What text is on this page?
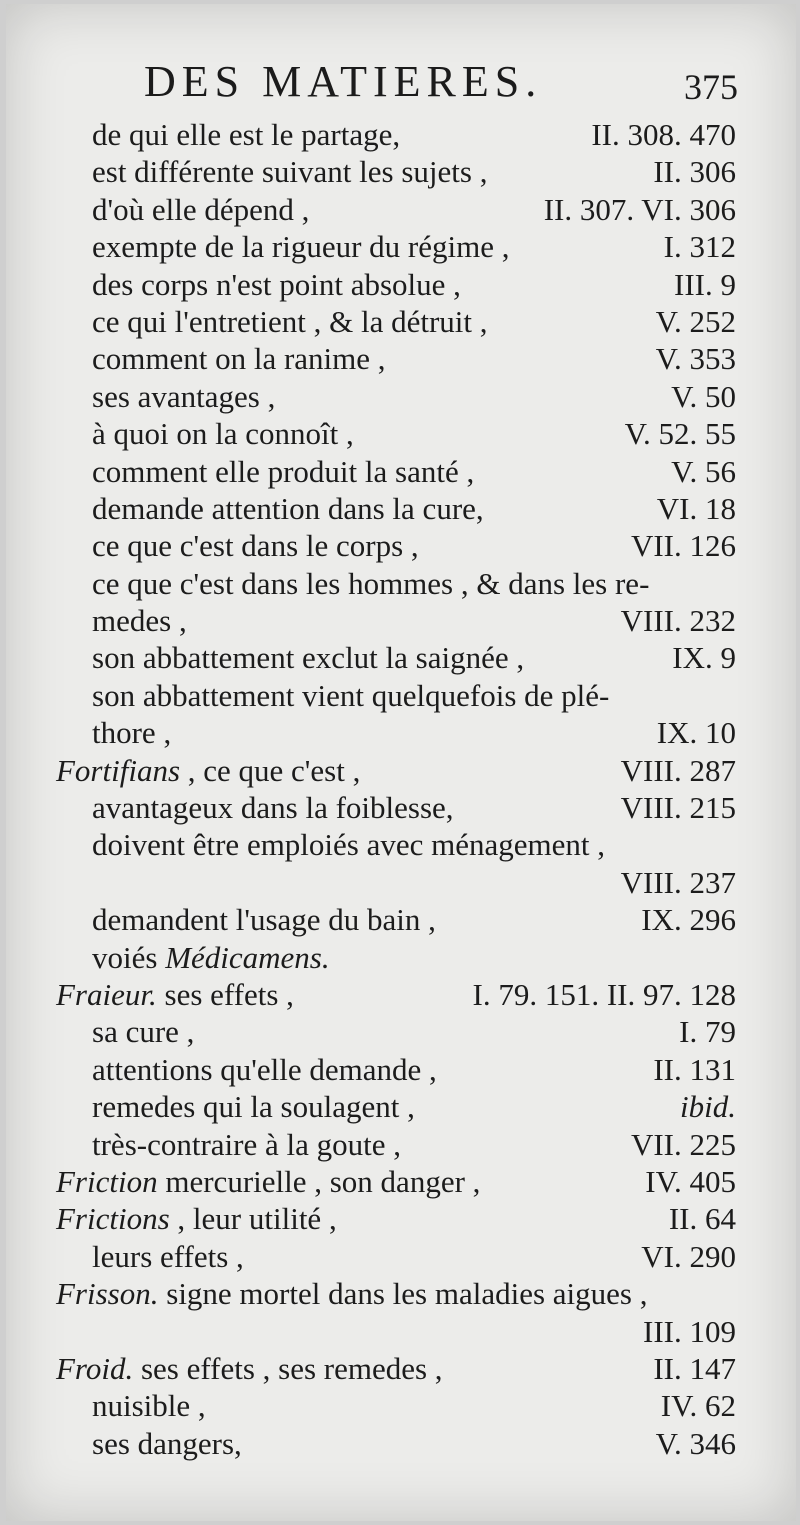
DES MATIERES.	375
de qui elle est le partage,	II. 308. 470
est différente suivant les sujets ,	II. 306
d'où elle dépend ,	II. 307. VI. 306
exempte de la rigueur du régime ,	I. 312
des corps n'est point absolue ,	III. 9
ce qui l'entretient , & la détruit ,	V. 252
comment on la ranime ,	V. 353
ses avantages ,	V. 50
à quoi on la connoît ,	V. 52. 55
comment elle produit la santé ,	V. 56
demande attention dans la cure,	VI. 18
ce que c'est dans le corps ,	VII. 126
ce que c'est dans les hommes , & dans les re-
medes ,	VIII. 232
son abbattement exclut la saignée ,	IX. 9
son abbattement vient quelquefois de plé-
thore ,	IX. 10
Fortifians , ce que c'est ,	VIII. 287
avantageux dans la foiblesse,	VIII. 215
doivent être emploiés avec ménagement ,
VIII. 237
demandent l'usage du bain ,	IX. 296
voiés Médicamens.
Fraieur. ses effets ,	I. 79. 151. II. 97. 128
sa cure ,	I. 79
attentions qu'elle demande ,	II. 131
remedes qui la soulagent ,	ibid.
très-contraire à la goute ,	VII. 225
Friction mercurielle , son danger ,	IV. 405
Frictions , leur utilité ,	II. 64
leurs effets ,	VI. 290
Frisson. signe mortel dans les maladies aigues ,
III. 109
Froid. ses effets , ses remedes ,	II. 147
nuisible ,	IV. 62
ses dangers,	V. 346
